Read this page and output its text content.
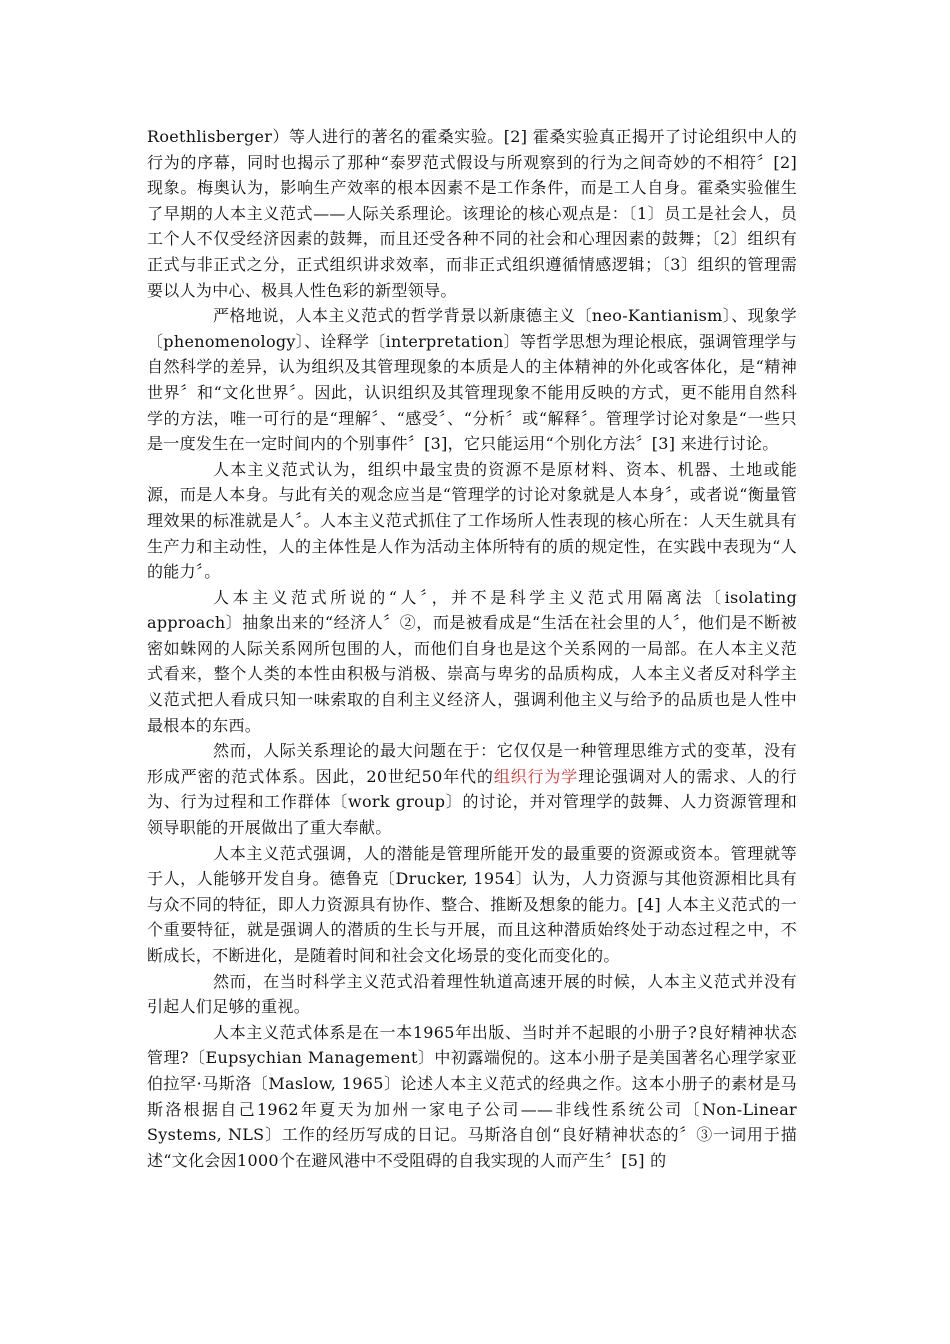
Roethlisberger）等人进行的著名的霍桑实验。[2] 霍桑实验真正揭开了讨论组织中人的行为的序幕，同时也揭示了那种“泰罗范式假设与所观察到的行为之间奇妙的不相符〞[2]现象。梅奥认为，影响生产效率的根本因素不是工作条件，而是工人自身。霍桑实验催生了早期的人本主义范式——人际关系理论。该理论的核心观点是：〔1〕员工是社会人，员工个人不仅受经济因素的鼓舞，而且还受各种不同的社会和心理因素的鼓舞；〔2〕组织有正式与非正式之分，正式组织讲求效率，而非正式组织遵循情感逻辑；〔3〕组织的管理需要以人为中心、极具人性色彩的新型领导。

严格地说，人本主义范式的哲学背景以新康德主义〔neo-Kantianism〕、现象学〔phenomenology〕、诠释学〔interpretation〕等哲学思想为理论根底，强调管理学与自然科学的差异，认为组织及其管理现象的本质是人的主体精神的外化或客体化，是“精神世界〞和“文化世界〞。因此，认识组织及其管理现象不能用反映的方式，更不能用自然科学的方法，唯一可行的是“理解〞、“感受〞、“分析〞或“解释〞。管理学讨论对象是“一些只是一度发生在一定时间内的个别事件〞[3]，它只能运用“个别化方法〞[3] 来进行讨论。

人本主义范式认为，组织中最宝贵的资源不是原材料、资本、机器、土地或能源，而是人本身。与此有关的观念应当是“管理学的讨论对象就是人本身〞，或者说“衡量管理效果的标准就是人〞。人本主义范式抓住了工作场所人性表现的核心所在：人天生就具有生产力和主动性，人的主体性是人作为活动主体所特有的质的规定性，在实践中表现为“人的能力〞。

人本主义范式所说的“人〞，并不是科学主义范式用隔离法〔isolating approach〕抽象出来的“经济人〞②，而是被看成是“生活在社会里的人〞，他们是不断被密如蛛网的人际关系网所包围的人，而他们自身也是这个关系网的一局部。在人本主义范式看来，整个人类的本性由积极与消极、崇高与卑劣的品质构成，人本主义者反对科学主义范式把人看成只知一味索取的自利主义经济人，强调利他主义与给予的品质也是人性中最根本的东西。

然而，人际关系理论的最大问题在于：它仅仅是一种管理思维方式的变革，没有形成严密的范式体系。因此，20世纪50年代的组织行为学理论强调对人的需求、人的行为、行为过程和工作群体〔work group〕的讨论，并对管理学的鼓舞、人力资源管理和领导职能的开展做出了重大奉献。

人本主义范式强调，人的潜能是管理所能开发的最重要的资源或资本。管理就等于人，人能够开发自身。德鲁克〔Drucker, 1954〕认为，人力资源与其他资源相比具有与众不同的特征，即人力资源具有协作、整合、推断及想象的能力。[4] 人本主义范式的一个重要特征，就是强调人的潜质的生长与开展，而且这种潜质始终处于动态过程之中，不断成长，不断进化，是随着时间和社会文化场景的变化而变化的。

然而，在当时科学主义范式沿着理性轨道高速开展的时候，人本主义范式并没有引起人们足够的重视。

人本主义范式体系是在一本1965年出版、当时并不起眼的小册子?良好精神状态管理?〔Eupsychian Management〕中初露端倪的。这本小册子是美国著名心理学家亚伯拉罕·马斯洛〔Maslow, 1965〕论述人本主义范式的经典之作。这本小册子的素材是马斯洛根据自己1962年夏天为加州一家电子公司——非线性系统公司〔Non-Linear Systems, NLS〕工作的经历写成的日记。马斯洛自创“良好精神状态的〞③一词用于描述“文化会因1000个在避风港中不受阻碍的自我实现的人而产生〞[5] 的
